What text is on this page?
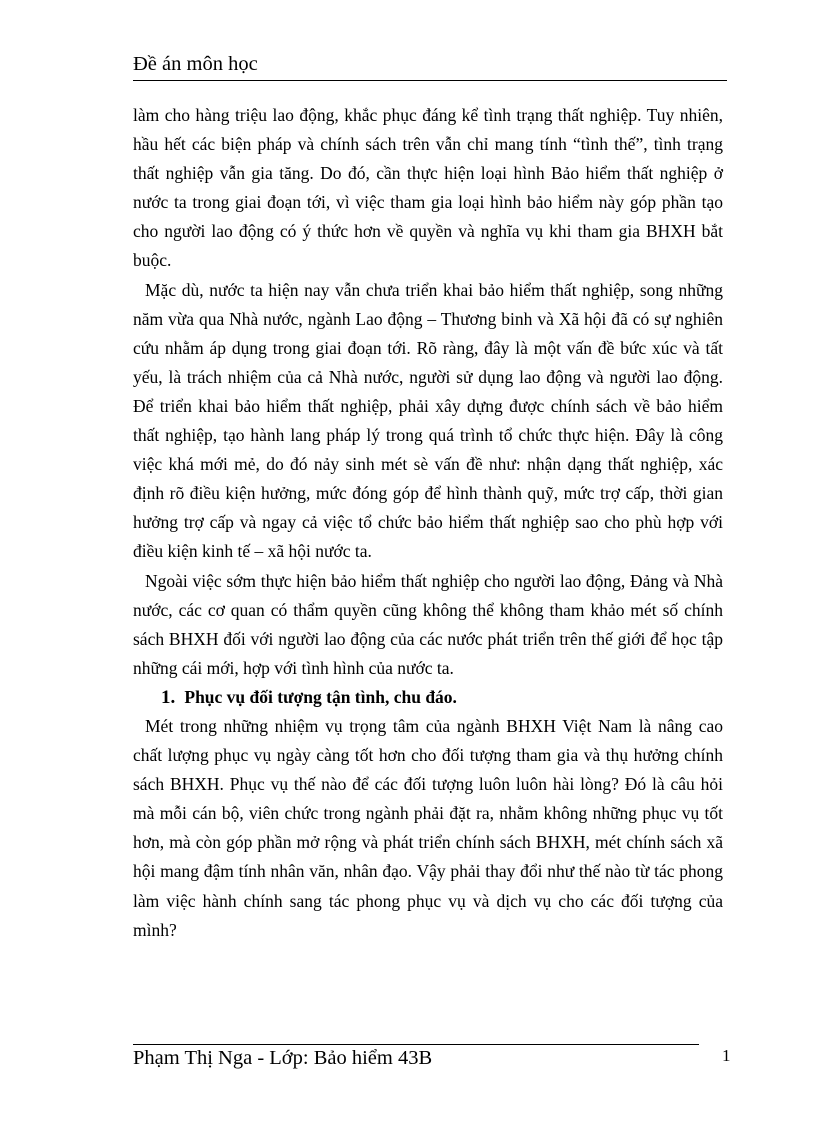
Đề án môn học

làm cho hàng triệu lao động, khắc phục đáng kể tình trạng thất nghiệp. Tuy nhiên, hầu hết các biện pháp và chính sách trên vẫn chỉ mang tính “tình thế”, tình trạng thất nghiệp vẫn gia tăng. Do đó, cần thực hiện loại hình Bảo hiểm thất nghiệp ở nước ta trong giai đoạn tới, vì việc tham gia loại hình bảo hiểm này góp phần tạo cho người lao động có ý thức hơn về quyền và nghĩa vụ khi tham gia BHXH bắt buộc.

Mặc dù, nước ta hiện nay vẫn chưa triển khai bảo hiểm thất nghiệp, song những năm vừa qua Nhà nước, ngành Lao động – Thương binh và Xã hội đã có sự nghiên cứu nhằm áp dụng trong giai đoạn tới. Rõ ràng, đây là một vấn đề bức xúc và tất yếu, là trách nhiệm của cả Nhà nước, người sử dụng lao động và người lao động. Để triển khai bảo hiểm thất nghiệp, phải xây dựng được chính sách về bảo hiểm thất nghiệp, tạo hành lang pháp lý trong quá trình tổ chức thực hiện. Đây là công việc khá mới mẻ, do đó nảy sinh mét sè vấn đề như: nhận dạng thất nghiệp, xác định rõ điều kiện hưởng, mức đóng góp để hình thành quỹ, mức trợ cấp, thời gian hưởng trợ cấp và ngay cả việc tổ chức bảo hiểm thất nghiệp sao cho phù hợp với điều kiện kinh tế – xã hội nước ta.

Ngoài việc sớm thực hiện bảo hiểm thất nghiệp cho người lao động, Đảng và Nhà nước, các cơ quan có thẩm quyền cũng không thể không tham khảo mét số chính sách BHXH đối với người lao động của các nước phát triển trên thế giới để học tập những cái mới, hợp với tình hình của nước ta.

1. Phục vụ đối tượng tận tình, chu đáo.

Mét trong những nhiệm vụ trọng tâm của ngành BHXH Việt Nam là nâng cao chất lượng phục vụ ngày càng tốt hơn cho đối tượng tham gia và thụ hưởng chính sách BHXH. Phục vụ thế nào để các đối tượng luôn luôn hài lòng? Đó là câu hỏi mà mỗi cán bộ, viên chức trong ngành phải đặt ra, nhằm không những phục vụ tốt hơn, mà còn góp phần mở rộng và phát triển chính sách BHXH, mét chính sách xã hội mang đậm tính nhân văn, nhân đạo. Vậy phải thay đổi như thế nào từ tác phong làm việc hành chính sang tác phong phục vụ và dịch vụ cho các đối tượng của mình?

Phạm Thị Nga - Lớp: Bảo hiểm 43B	1
